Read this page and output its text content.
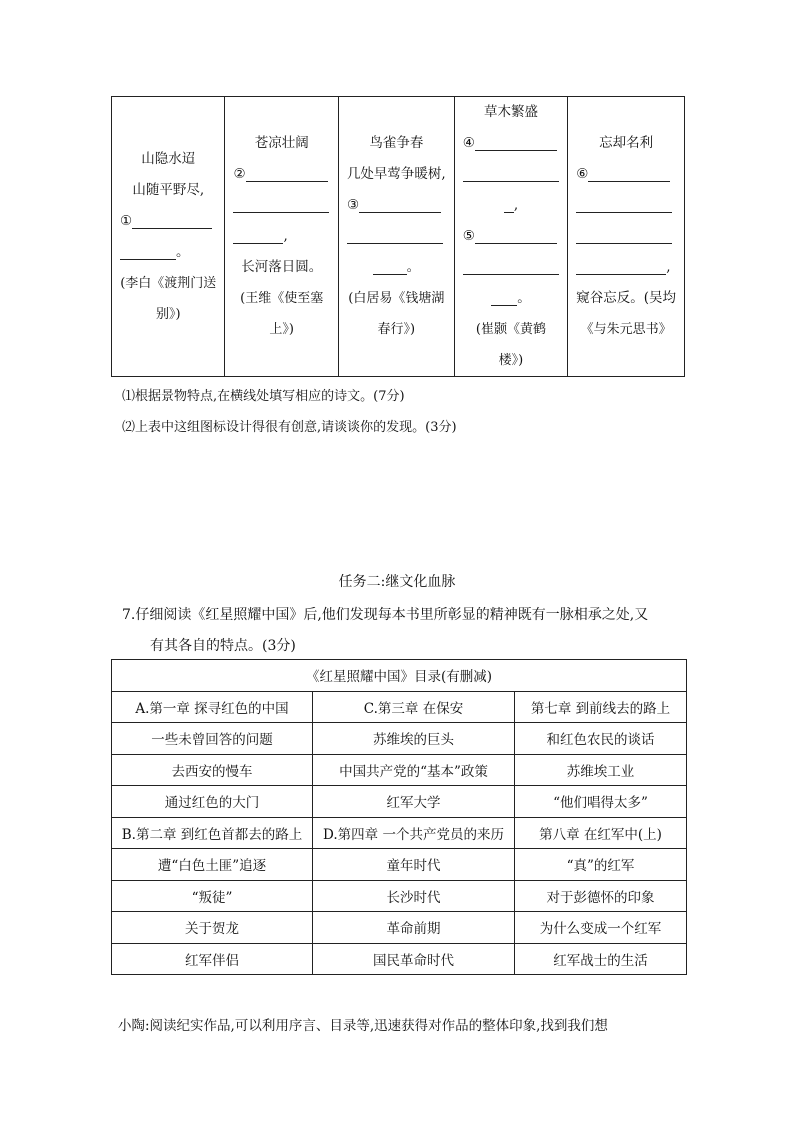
山隐水迢
山随平野尽,
①
。
(李白《渡荆门送
别》)
苍凉壮阔
②
,
长河落日圆。
(王维《使至塞
上》)
鸟雀争春
几处早莺争暖树,
③
。
(白居易《钱塘湖
春行》)
草木繁盛
④
,
⑤
。
(崔颢《黄鹤
楼》)
忘却名利
⑥
,
窥谷忘反。(吴均
《与朱元思书》
⑴根据景物特点,在横线处填写相应的诗文。(7分)
⑵上表中这组图标设计得很有创意,请谈谈你的发现。(3分)
任务二:继文化血脉
7.仔细阅读《红星照耀中国》后,他们发现每本书里所彰显的精神既有一脉相承之处,又
有其各自的特点。(3分)
《红星照耀中国》目录(有删减)		
A.第一章 探寻红色的中国	C.第三章 在保安	第七章 到前线去的路上
一些未曾回答的问题	苏维埃的巨头	和红色农民的谈话
去西安的慢车	中国共产党的“基本”政策	苏维埃工业
通过红色的大门	红军大学	“他们唱得太多”
B.第二章 到红色首都去的路上	D.第四章 一个共产党员的来历	第八章 在红军中(上)
遭“白色土匪”追逐	童年时代	“真”的红军
“叛徒”	长沙时代	对于彭德怀的印象
关于贺龙	革命前期	为什么变成一个红军
红军伴侣	国民革命时代	红军战士的生活
小陶:阅读纪实作品,可以利用序言、目录等,迅速获得对作品的整体印象,找到我们想
